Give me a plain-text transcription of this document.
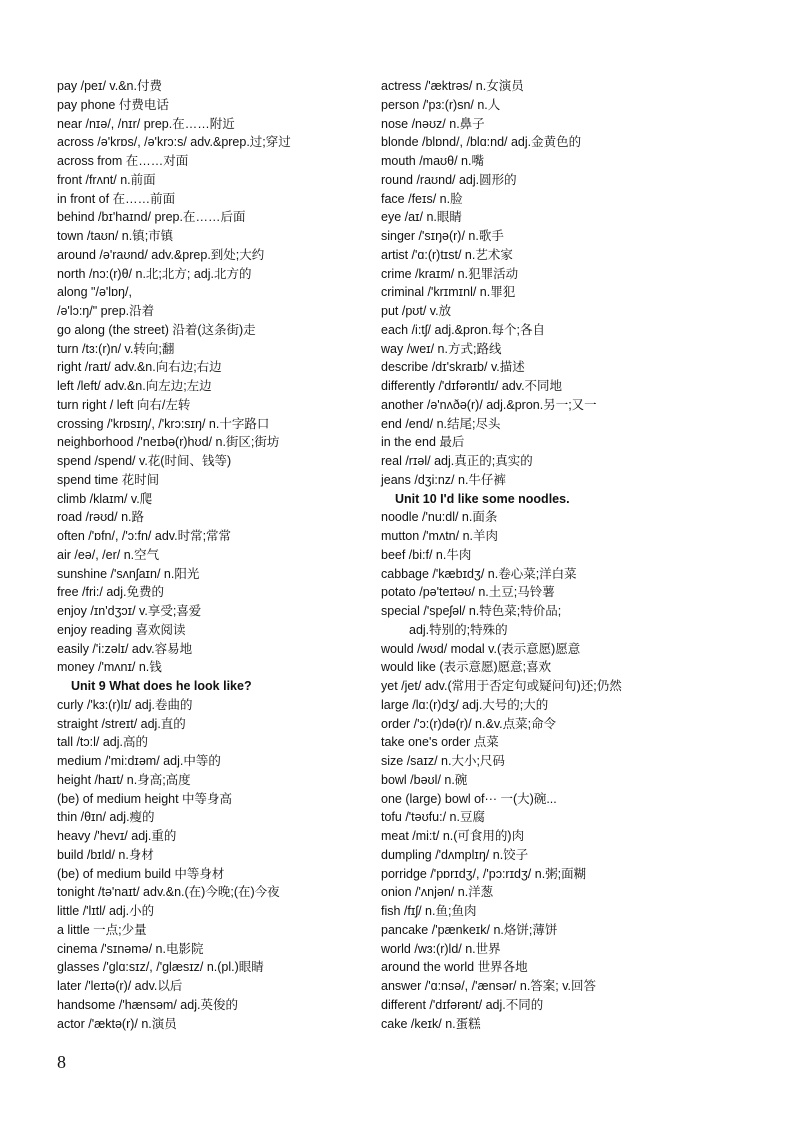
pay /peɪ/ v.&n.付费
pay phone 付费电话
near /nɪə/, /nɪr/ prep.在……附近
across /ə'krɒs/, /ə'krɔ:s/ adv.&prep.过;穿过
across from 在……对面
front /frʌnt/ n.前面
in front of 在……前面
behind /bɪ'haɪnd/ prep.在……后面
town /taʊn/ n.镇;市镇
around /ə'raʊnd/ adv.&prep.到处;大约
north /nɔ:(r)θ/ n.北;北方; adj.北方的
along "/ə'lɒŋ/,
/ə'lɔ:ŋ/" prep.沿着
go along (the street) 沿着(这条街)走
turn /tɜ:(r)n/ v.转向;翻
right /raɪt/ adv.&n.向右边;右边
left /left/ adv.&n.向左边;左边
turn right / left 向右/左转
crossing /'krɒsɪŋ/, /'krɔ:sɪŋ/ n.十字路口
neighborhood /'neɪbə(r)hʊd/ n.街区;街坊
spend /spend/ v.花(时间、钱等)
spend time 花时间
climb /klaɪm/ v.爬
road /rəʊd/ n.路
often /'ɒfn/, /'ɔ:fn/ adv.时常;常常
air /eə/, /er/ n.空气
sunshine /'sʌnʃaɪn/ n.阳光
free /fri:/ adj.免费的
enjoy /ɪn'dʒɔɪ/ v.享受;喜爱
enjoy reading 喜欢阅读
easily /'i:zəlɪ/ adv.容易地
money /'mʌnɪ/ n.钱
Unit 9 What does he look like?
curly /'kɜ:(r)lɪ/ adj.卷曲的
straight /streɪt/ adj.直的
tall /tɔ:l/ adj.高的
medium /'mi:dɪəm/ adj.中等的
height /haɪt/ n.身高;高度
(be) of medium height 中等身高
thin /θɪn/ adj.瘦的
heavy /'hevɪ/ adj.重的
build /bɪld/ n.身材
(be) of medium build 中等身材
tonight /tə'naɪt/ adv.&n.(在)今晚;(在)今夜
little /'lɪtl/ adj.小的
a little 一点;少量
cinema /'sɪnəmə/ n.电影院
glasses /'glɑ:sɪz/, /'glæsɪz/ n.(pl.)眼睛
later /'leɪtə(r)/ adv.以后
handsome /'hænsəm/ adj.英俊的
actor /'æktə(r)/ n.演员
actress /'æktrəs/ n.女演员
person /'pɜ:(r)sn/ n.人
nose /nəʊz/ n.鼻子
blonde /blɒnd/, /blɑ:nd/ adj.金黄色的
mouth /maʊθ/ n.嘴
round /raʊnd/ adj.圆形的
face /feɪs/ n.脸
eye /aɪ/ n.眼睛
singer /'sɪŋə(r)/ n.歌手
artist /'ɑ:(r)tɪst/ n.艺术家
crime /kraɪm/ n.犯罪活动
criminal /'krɪmɪnl/ n.罪犯
put /pʊt/ v.放
each /i:tʃ/ adj.&pron.每个;各自
way /weɪ/ n.方式;路线
describe /dɪ'skraɪb/ v.描述
differently /'dɪfərəntlɪ/ adv.不同地
another /ə'nʌðə(r)/ adj.&pron.另一;又一
end /end/ n.结尾;尽头
in the end 最后
real /rɪəl/ adj.真正的;真实的
jeans /dʒi:nz/ n.牛仔裤
Unit 10 I'd like some noodles.
noodle /'nu:dl/ n.面条
mutton /'mʌtn/ n.羊肉
beef /bi:f/ n.牛肉
cabbage /'kæbɪdʒ/ n.卷心菜;洋白菜
potato /pə'teɪtəʊ/ n.土豆;马铃薯
special /'speʃəl/ n.特色菜;特价品;
adj.特别的;特殊的
would /wʊd/ modal v.(表示意愿)愿意
would like (表示意愿)愿意;喜欢
yet /jet/ adv.(常用于否定句或疑问句)还;仍然
large /lɑ:(r)dʒ/ adj.大号的;大的
order /'ɔ:(r)də(r)/ n.&v.点菜;命令
take one's order 点菜
size /saɪz/ n.大小;尺码
bowl /bəʊl/ n.碗
one (large) bowl of··· 一(大)碗...
tofu /'təʊfu:/ n.豆腐
meat /mi:t/ n.(可食用的)肉
dumpling /'dʌmplɪŋ/ n.饺子
porridge /'pɒrɪdʒ/, /'pɔ:rɪdʒ/ n.粥;面糊
onion /'ʌnjən/ n.洋葱
fish /fɪʃ/ n.鱼;鱼肉
pancake /'pænkeɪk/ n.烙饼;薄饼
world /wɜ:(r)ld/ n.世界
around the world 世界各地
answer /'ɑ:nsə/, /'ænsər/ n.答案; v.回答
different /'dɪfərənt/ adj.不同的
cake /keɪk/ n.蛋糕
8
